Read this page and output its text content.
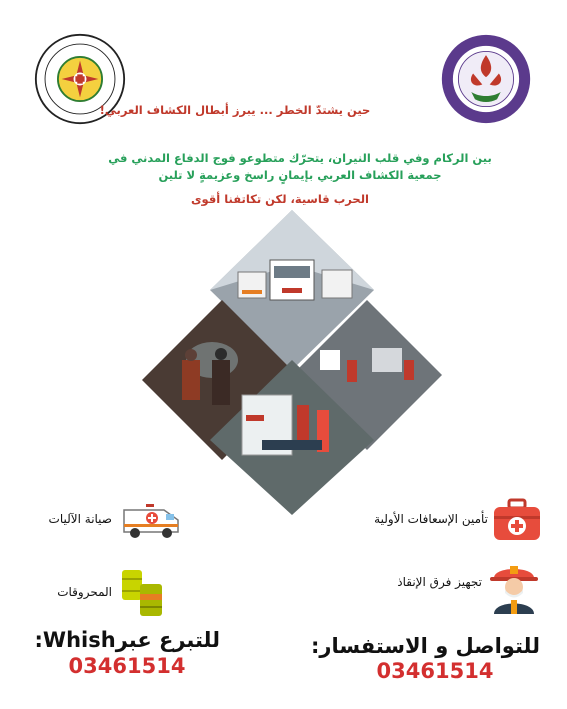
حين يشتدّ الخطر ... يبرز أبطال الكشاف العربي!
بين الركام وفي قلب النيران، يتحرّك متطوعو فوج الدفاع المدني في
جمعية الكشاف العربي بإيمانٍ راسخ وعزيمةٍ لا تلين
الحرب قاسية، لكن تكاتفنا أقوى
تأمين الإسعافات الأولية
صيانة الآليات
تجهيز فرق الإنقاذ
المحروقات
للتواصل و الاستفسار:
03461514
للتبرع عبرWhish:
03461514
